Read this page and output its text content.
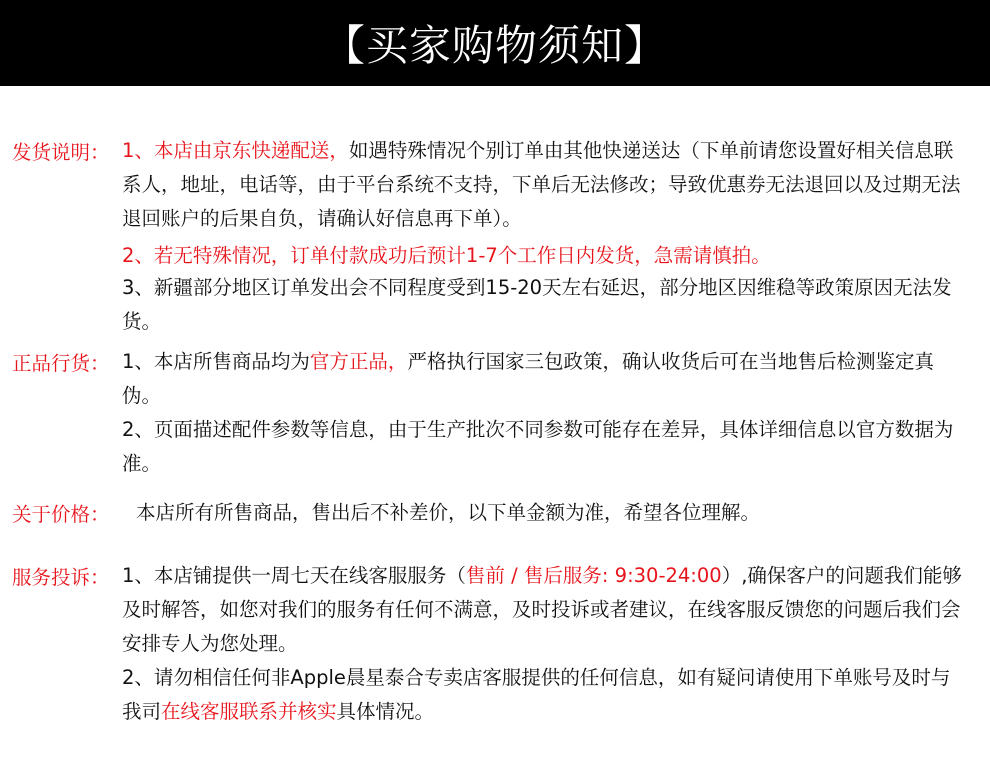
【买家购物须知】
发货说明： 1、本店由京东快递配送，如遇特殊情况个别订单由其他快递送达（下单前请您设置好相关信息联系人，地址，电话等，由于平台系统不支持，下单后无法修改；导致优惠券无法退回以及过期无法退回账户的后果自负，请确认好信息再下单）。

2、若无特殊情况，订单付款成功后预计1-7个工作日内发货，急需请慎拍。

3、新疆部分地区订单发出会不同程度受到15-20天左右延迟，部分地区因维稳等政策原因无法发货。

正品行货： 1、本店所售商品均为官方正品，严格执行国家三包政策，确认收货后可在当地售后检测鉴定真伪。

2、页面描述配件参数等信息，由于生产批次不同参数可能存在差异，具体详细信息以官方数据为准。

关于价格： 本店所有所售商品，售出后不补差价，以下单金额为准，希望各位理解。

服务投诉： 1、本店铺提供一周七天在线客服服务（售前 / 售后服务: 9:30-24:00）,确保客户的问题我们能够及时解答，如您对我们的服务有任何不满意，及时投诉或者建议，在线客服反馈您的问题后我们会安排专人为您处理。

2、请勿相信任何非Apple晨星泰合专卖店客服提供的任何信息，如有疑问请使用下单账号及时与我司在线客服联系并核实具体情况。
